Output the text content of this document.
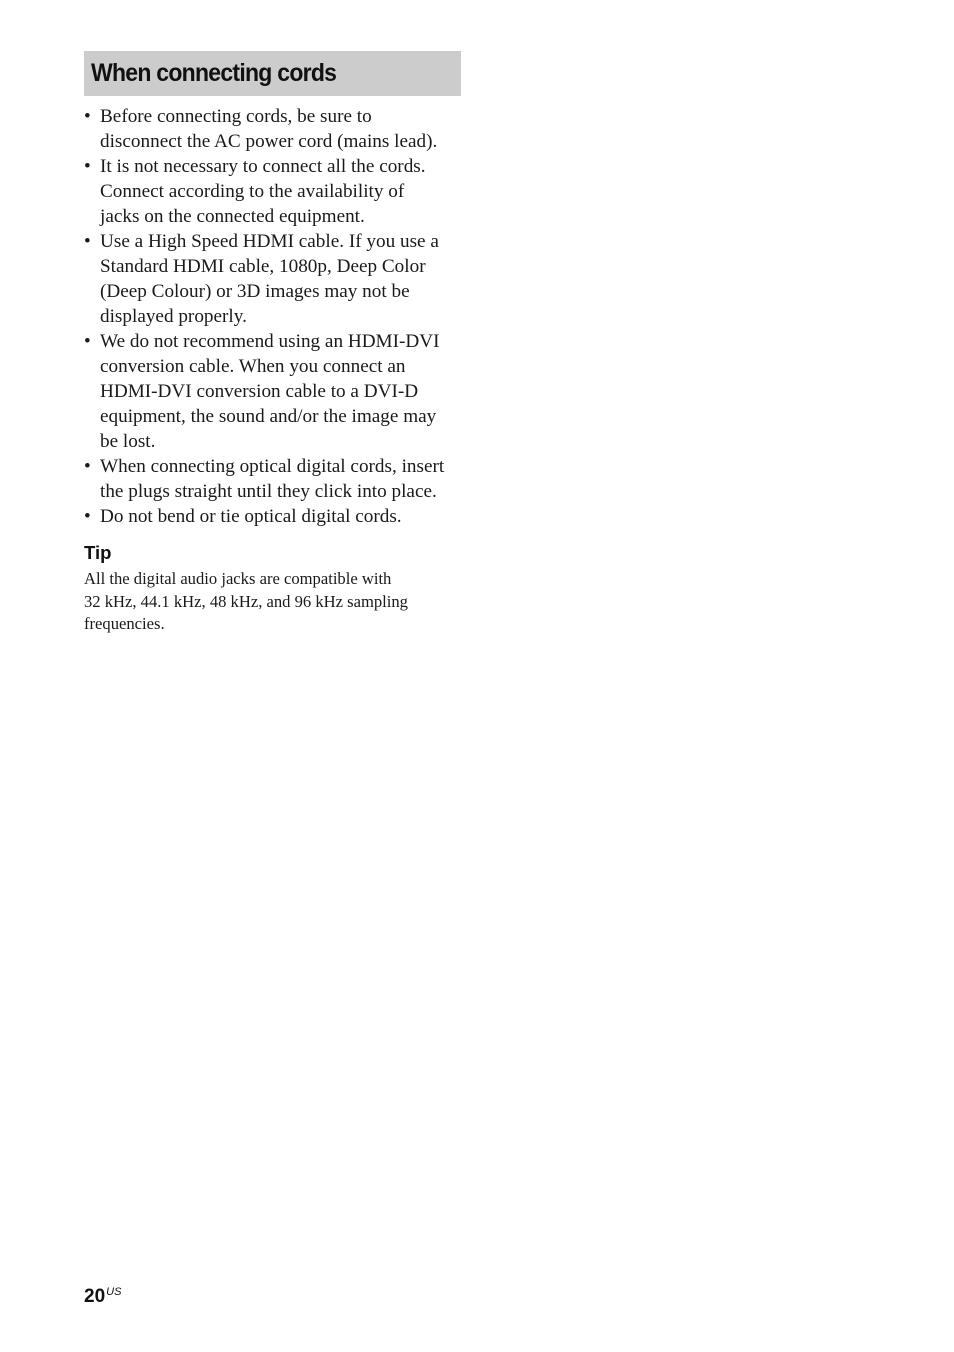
When connecting cords
• Before connecting cords, be sure to
disconnect the AC power cord (mains lead).
• It is not necessary to connect all the cords.
Connect according to the availability of
jacks on the connected equipment.
• Use a High Speed HDMI cable. If you use a
Standard HDMI cable, 1080p, Deep Color
(Deep Colour) or 3D images may not be
displayed properly.
• We do not recommend using an HDMI-DVI
conversion cable. When you connect an
HDMI-DVI conversion cable to a DVI-D
equipment, the sound and/or the image may
be lost.
• When connecting optical digital cords, insert
the plugs straight until they click into place.
• Do not bend or tie optical digital cords.
Tip
All the digital audio jacks are compatible with
32 kHz, 44.1 kHz, 48 kHz, and 96 kHz sampling
frequencies.
$20^{US}$
